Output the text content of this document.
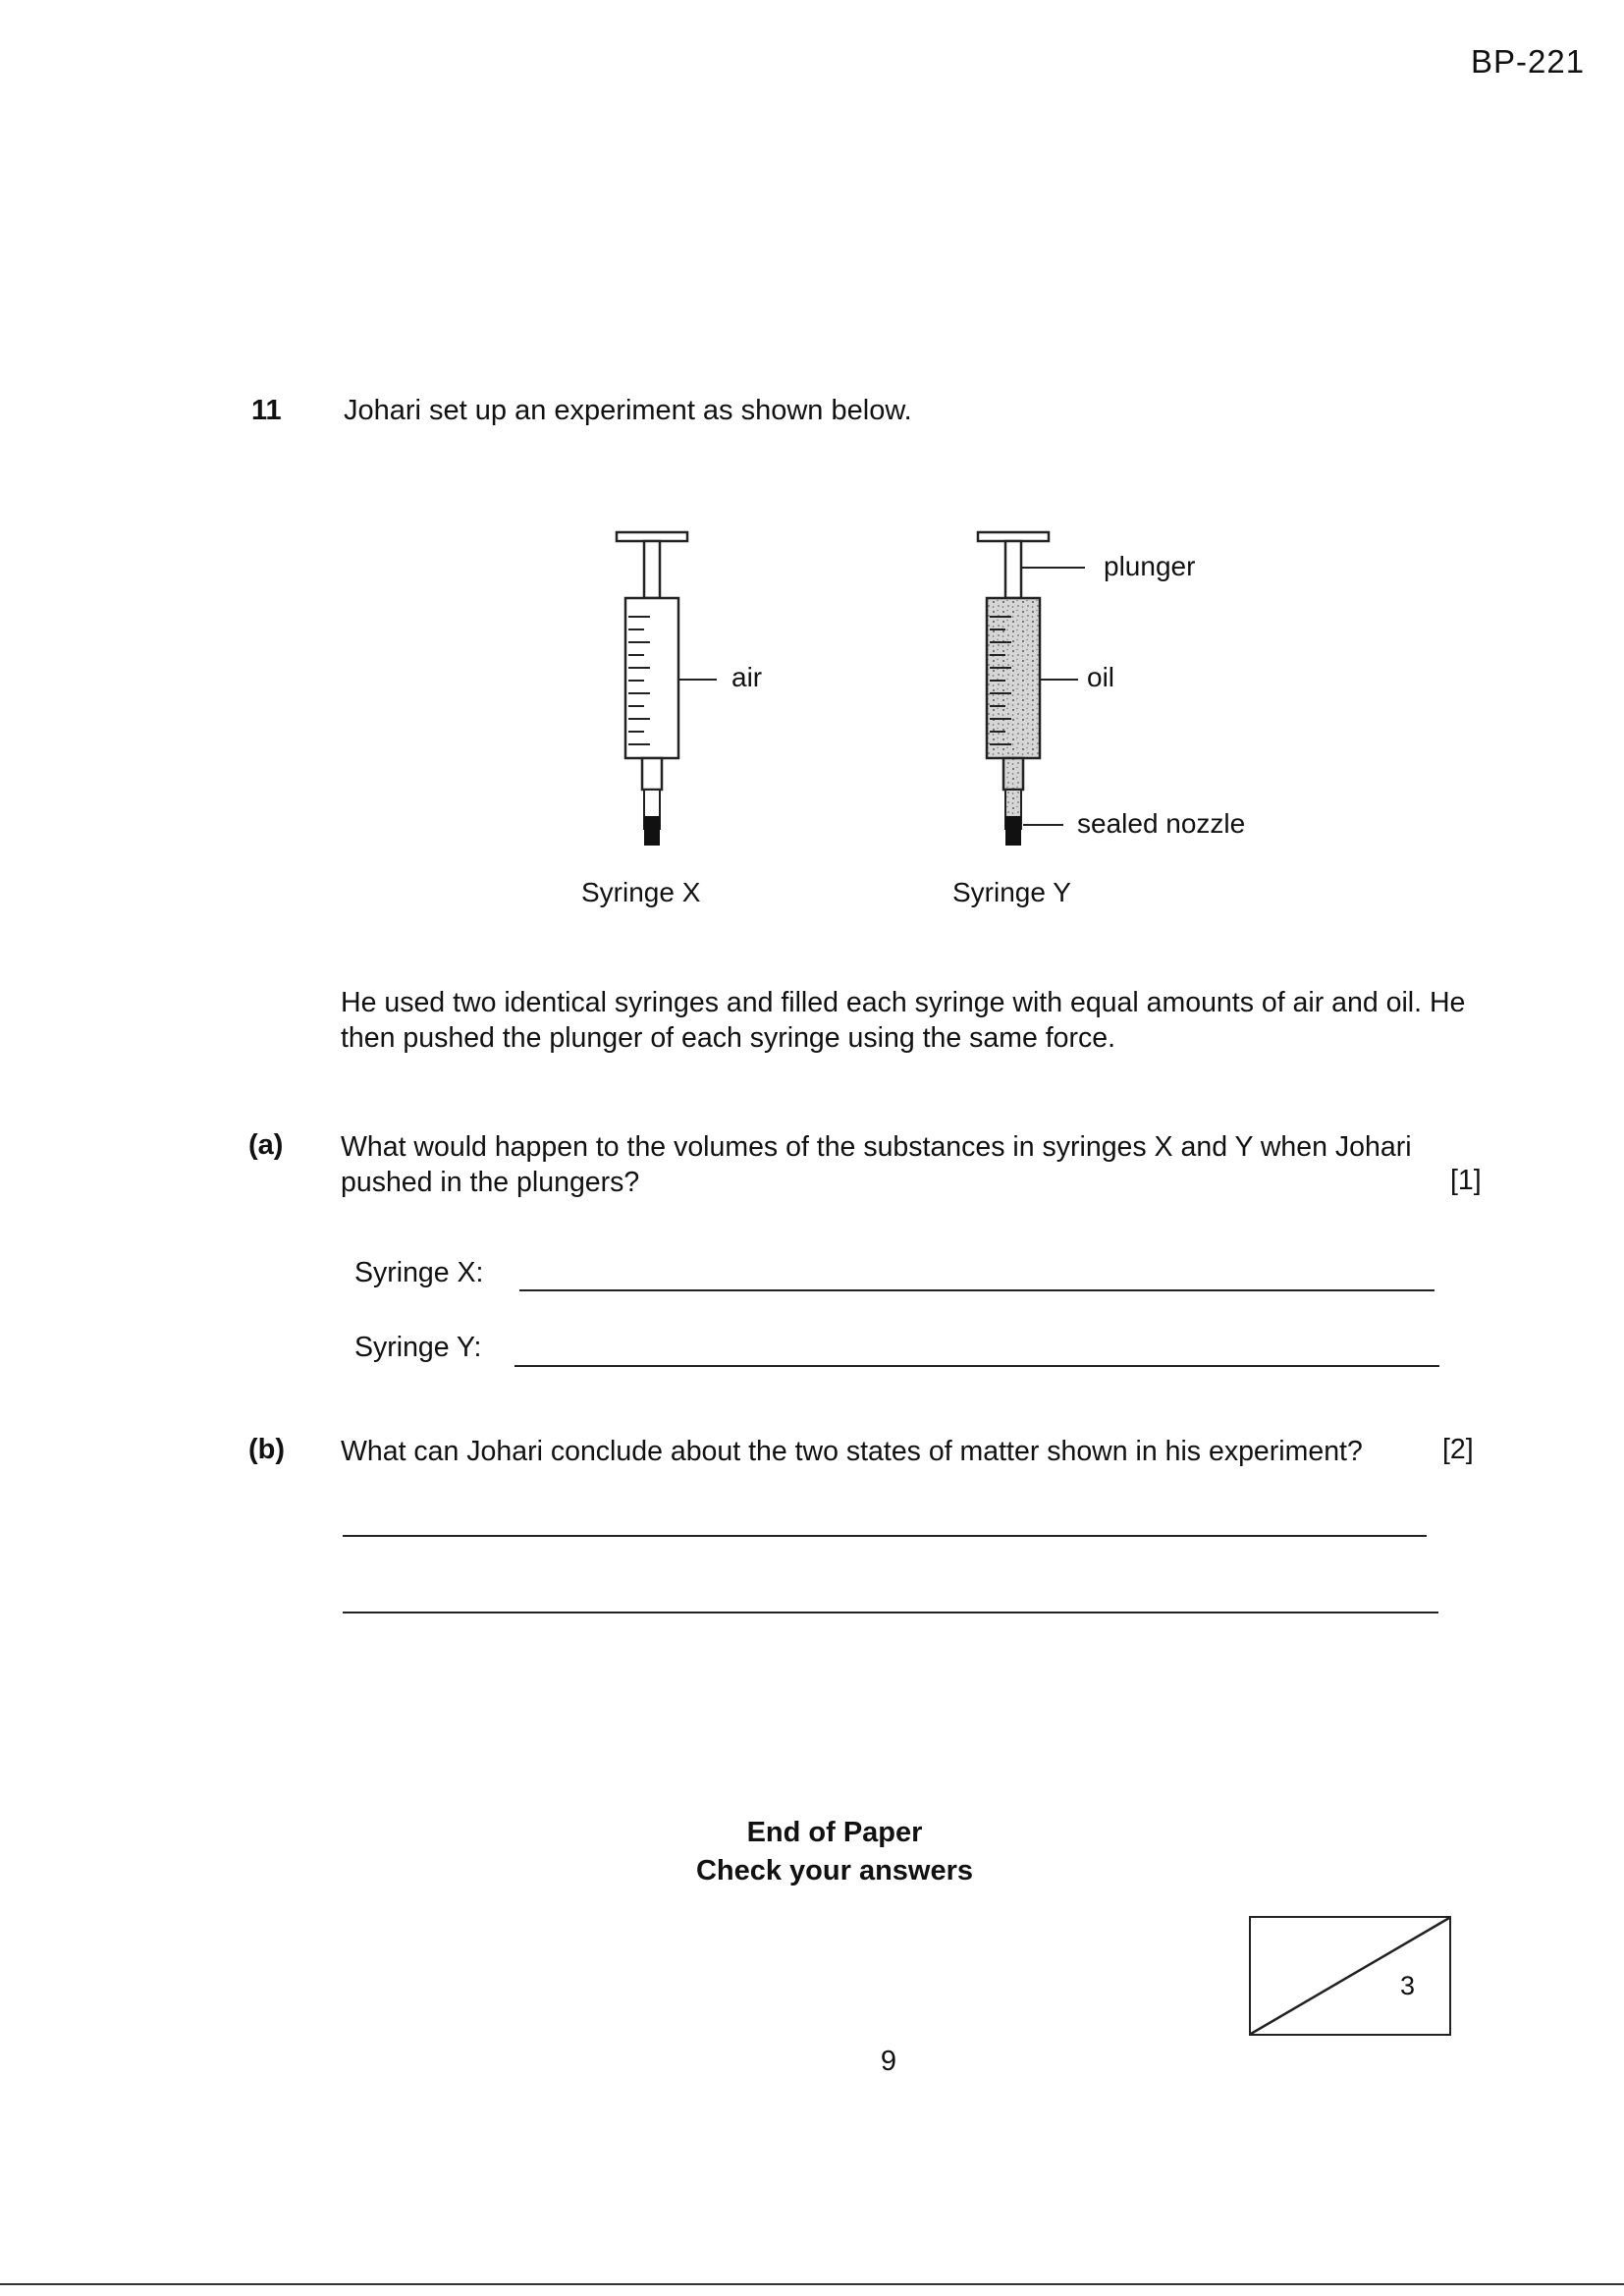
BP-221
11 Johari set up an experiment as shown below.
air
plunger
oil
sealed nozzle
Syringe X	Syringe Y

He used two identical syringes and filled each syringe with equal amounts of air and oil. He then pushed the plunger of each syringe using the same force.

(a) What would happen to the volumes of the substances in syringes X and Y when Johari
pushed in the plungers?	[1]
Syringe X:
Syringe Y:
(b) What can Johari conclude about the two states of matter shown in his experiment?	[2]
End of Paper
Check your answers
3
9
